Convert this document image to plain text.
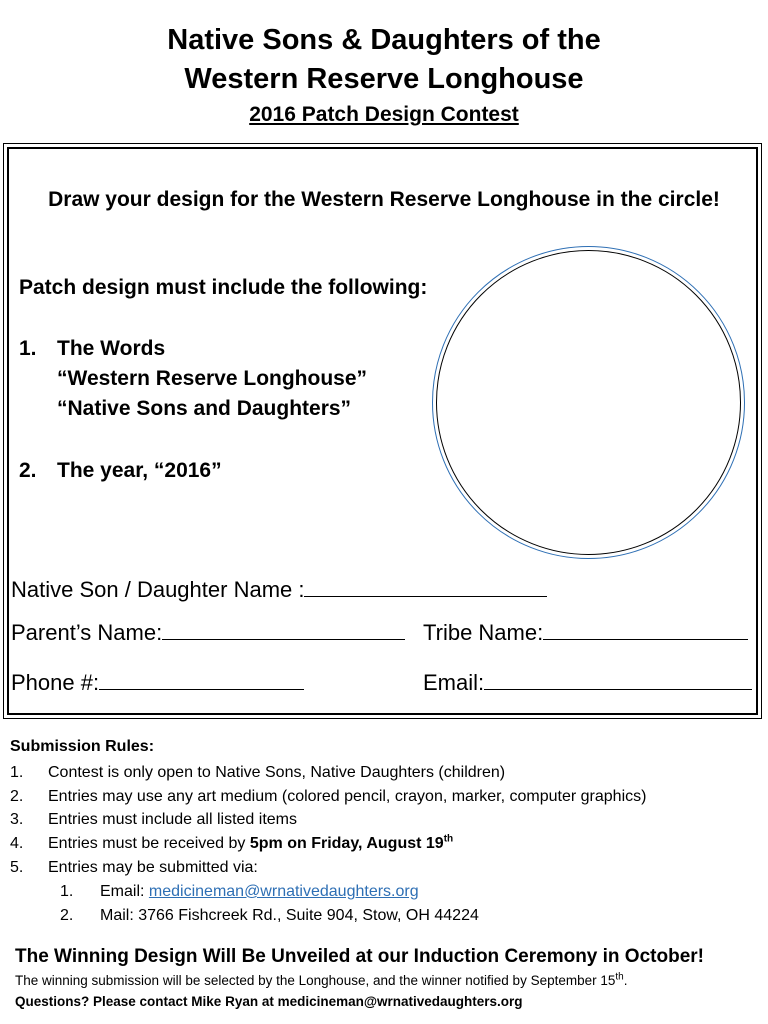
Native Sons & Daughters of the
Western Reserve Longhouse
2016 Patch Design Contest
Draw your design for the Western Reserve Longhouse in the circle!
Patch design must include the following:
1. The Words
“Western Reserve Longhouse”
“Native Sons and Daughters”
2. The year, “2016”
Native Son / Daughter Name :
Parent’s Name:	Tribe Name:
Phone #:	Email:
Submission Rules:
1. Contest is only open to Native Sons, Native Daughters (children)
2. Entries may use any art medium (colored pencil, crayon, marker, computer graphics)
3. Entries must include all listed items
4. Entries must be received by 5pm on Friday, August 19th
5. Entries may be submitted via:
1. Email: medicineman@wrnativedaughters.org
2. Mail: 3766 Fishcreek Rd., Suite 904, Stow, OH 44224
The Winning Design Will Be Unveiled at our Induction Ceremony in October!
The winning submission will be selected by the Longhouse, and the winner notified by September 15th.
Questions? Please contact Mike Ryan at medicineman@wrnativedaughters.org
